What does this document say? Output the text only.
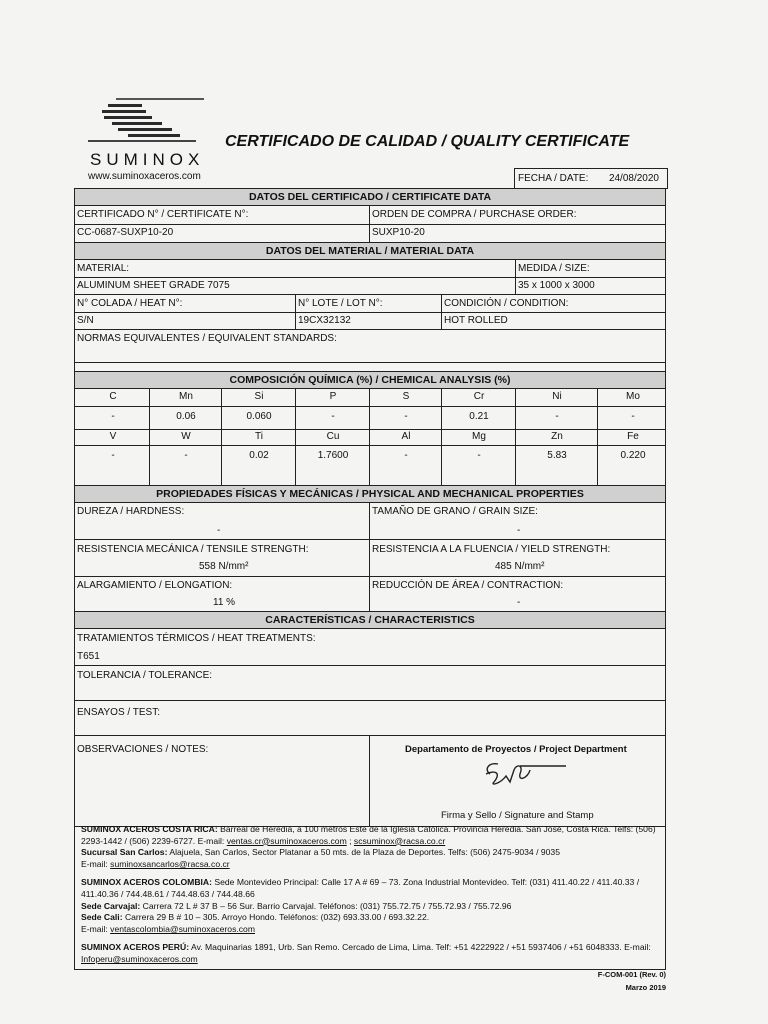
SUMINOX
www.suminoxaceros.com
CERTIFICADO DE CALIDAD / QUALITY CERTIFICATE
FECHA / DATE:	24/08/2020
DATOS DEL CERTIFICADO / CERTIFICATE DATA
CERTIFICADO N° / CERTIFICATE N°:
CC-0687-SUXP10-20
ORDEN DE COMPRA / PURCHASE ORDER:
SUXP10-20
DATOS DEL MATERIAL / MATERIAL DATA
MATERIAL:
ALUMINUM SHEET GRADE 7075
MEDIDA / SIZE:
35 x 1000 x 3000
N° COLADA / HEAT N°:
S/N
N° LOTE / LOT N°:
19CX32132
CONDICIÓN / CONDITION:
HOT ROLLED
NORMAS EQUIVALENTES / EQUIVALENT STANDARDS:
COMPOSICIÓN QUÍMICA (%) / CHEMICAL ANALYSIS (%)
C	Mn	Si	P	S	Cr	Ni	Mo
-	0.06	0.060	-	-	0.21	-	-
V	W	Ti	Cu	Al	Mg	Zn	Fe
-	-	0.02	1.7600	-	-	5.83	0.220
PROPIEDADES FÍSICAS Y MECÁNICAS / PHYSICAL AND MECHANICAL PROPERTIES
DUREZA / HARDNESS:
-
TAMAÑO DE GRANO / GRAIN SIZE:
-
RESISTENCIA MECÁNICA / TENSILE STRENGTH:
558 N/mm²
RESISTENCIA A LA FLUENCIA / YIELD STRENGTH:
485 N/mm²
ALARGAMIENTO / ELONGATION:
11 %
REDUCCIÓN DE ÁREA / CONTRACTION:
-
CARACTERÍSTICAS / CHARACTERISTICS
TRATAMIENTOS TÉRMICOS / HEAT TREATMENTS:
T651
TOLERANCIA / TOLERANCE:
ENSAYOS / TEST:
OBSERVACIONES / NOTES:	Departamento de Proyectos / Project Department
Firma y Sello / Signature and Stamp

SUMINOX ACEROS COSTA RICA: Barreal de Heredia, a 100 metros Este de la Iglesia Católica. Provincia Heredia. San José, Costa Rica. Telfs: (506) 2293-1442 / (506) 2239-6727. E-mail: ventas.cr@suminoxaceros.com ; scsuminox@racsa.co.cr
Sucursal San Carlos: Alajuela, San Carlos, Sector Platanar a 50 mts. de la Plaza de Deportes. Telfs: (506) 2475-9034 / 9035
E-mail: suminoxsancarlos@racsa.co.cr

SUMINOX ACEROS COLOMBIA: Sede Montevideo Principal: Calle 17 A # 69 – 73. Zona Industrial Montevideo. Telf: (031) 411.40.22 / 411.40.33 / 411.40.36 / 744.48.61 / 744.48.63 / 744.48.66
Sede Carvajal: Carrera 72 L # 37 B – 56 Sur. Barrio Carvajal. Teléfonos: (031) 755.72.75 / 755.72.93 / 755.72.96
Sede Cali: Carrera 29 B # 10 – 305. Arroyo Hondo. Teléfonos: (032) 693.33.00 / 693.32.22.
E-mail: ventascolombia@suminoxaceros.com

SUMINOX ACEROS PERÚ: Av. Maquinarias 1891, Urb. San Remo. Cercado de Lima, Lima. Telf: +51 4222922 / +51 5937406 / +51 6048333. E-mail: Infoperu@suminoxaceros.com

F-COM-001 (Rev. 0)
Marzo 2019
